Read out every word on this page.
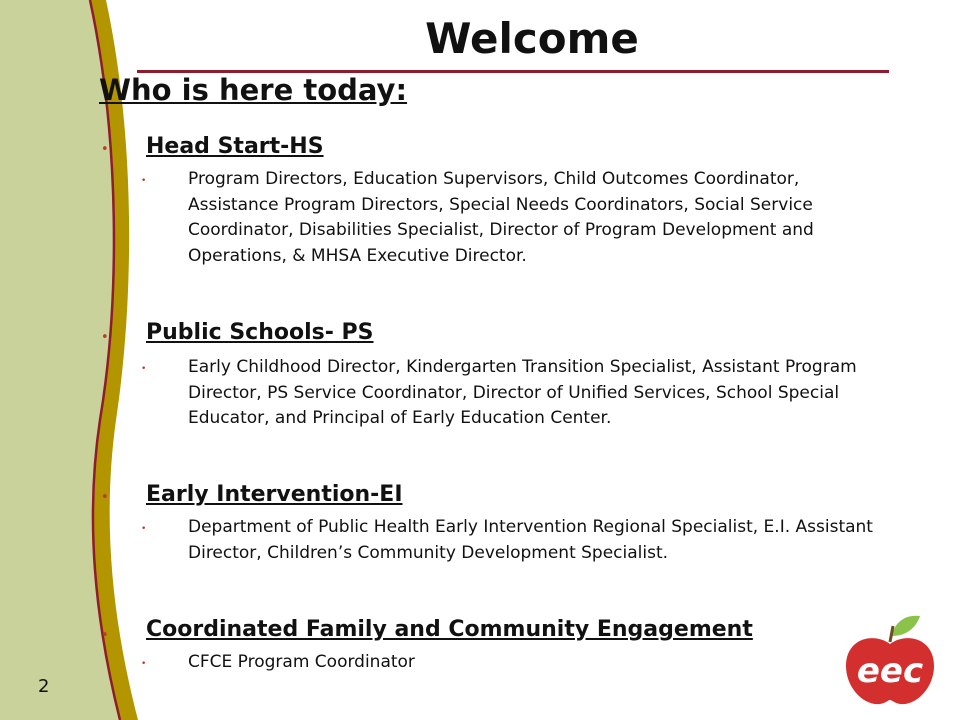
Welcome
Who is here today:
• Head Start-HS
• Program Directors, Education Supervisors, Child Outcomes Coordinator, Assistance Program Directors, Special Needs Coordinators, Social Service Coordinator, Disabilities Specialist, Director of Program Development and Operations, & MHSA Executive Director.
• Public Schools- PS
• Early Childhood Director, Kindergarten Transition Specialist, Assistant Program Director, PS Service Coordinator, Director of Unified Services, School Special Educator, and Principal of Early Education Center.
• Early Intervention-EI
• Department of Public Health Early Intervention Regional Specialist, E.I. Assistant Director, Children’s Community Development Specialist.
• Coordinated Family and Community Engagement
• CFCE Program Coordinator
2	eec
